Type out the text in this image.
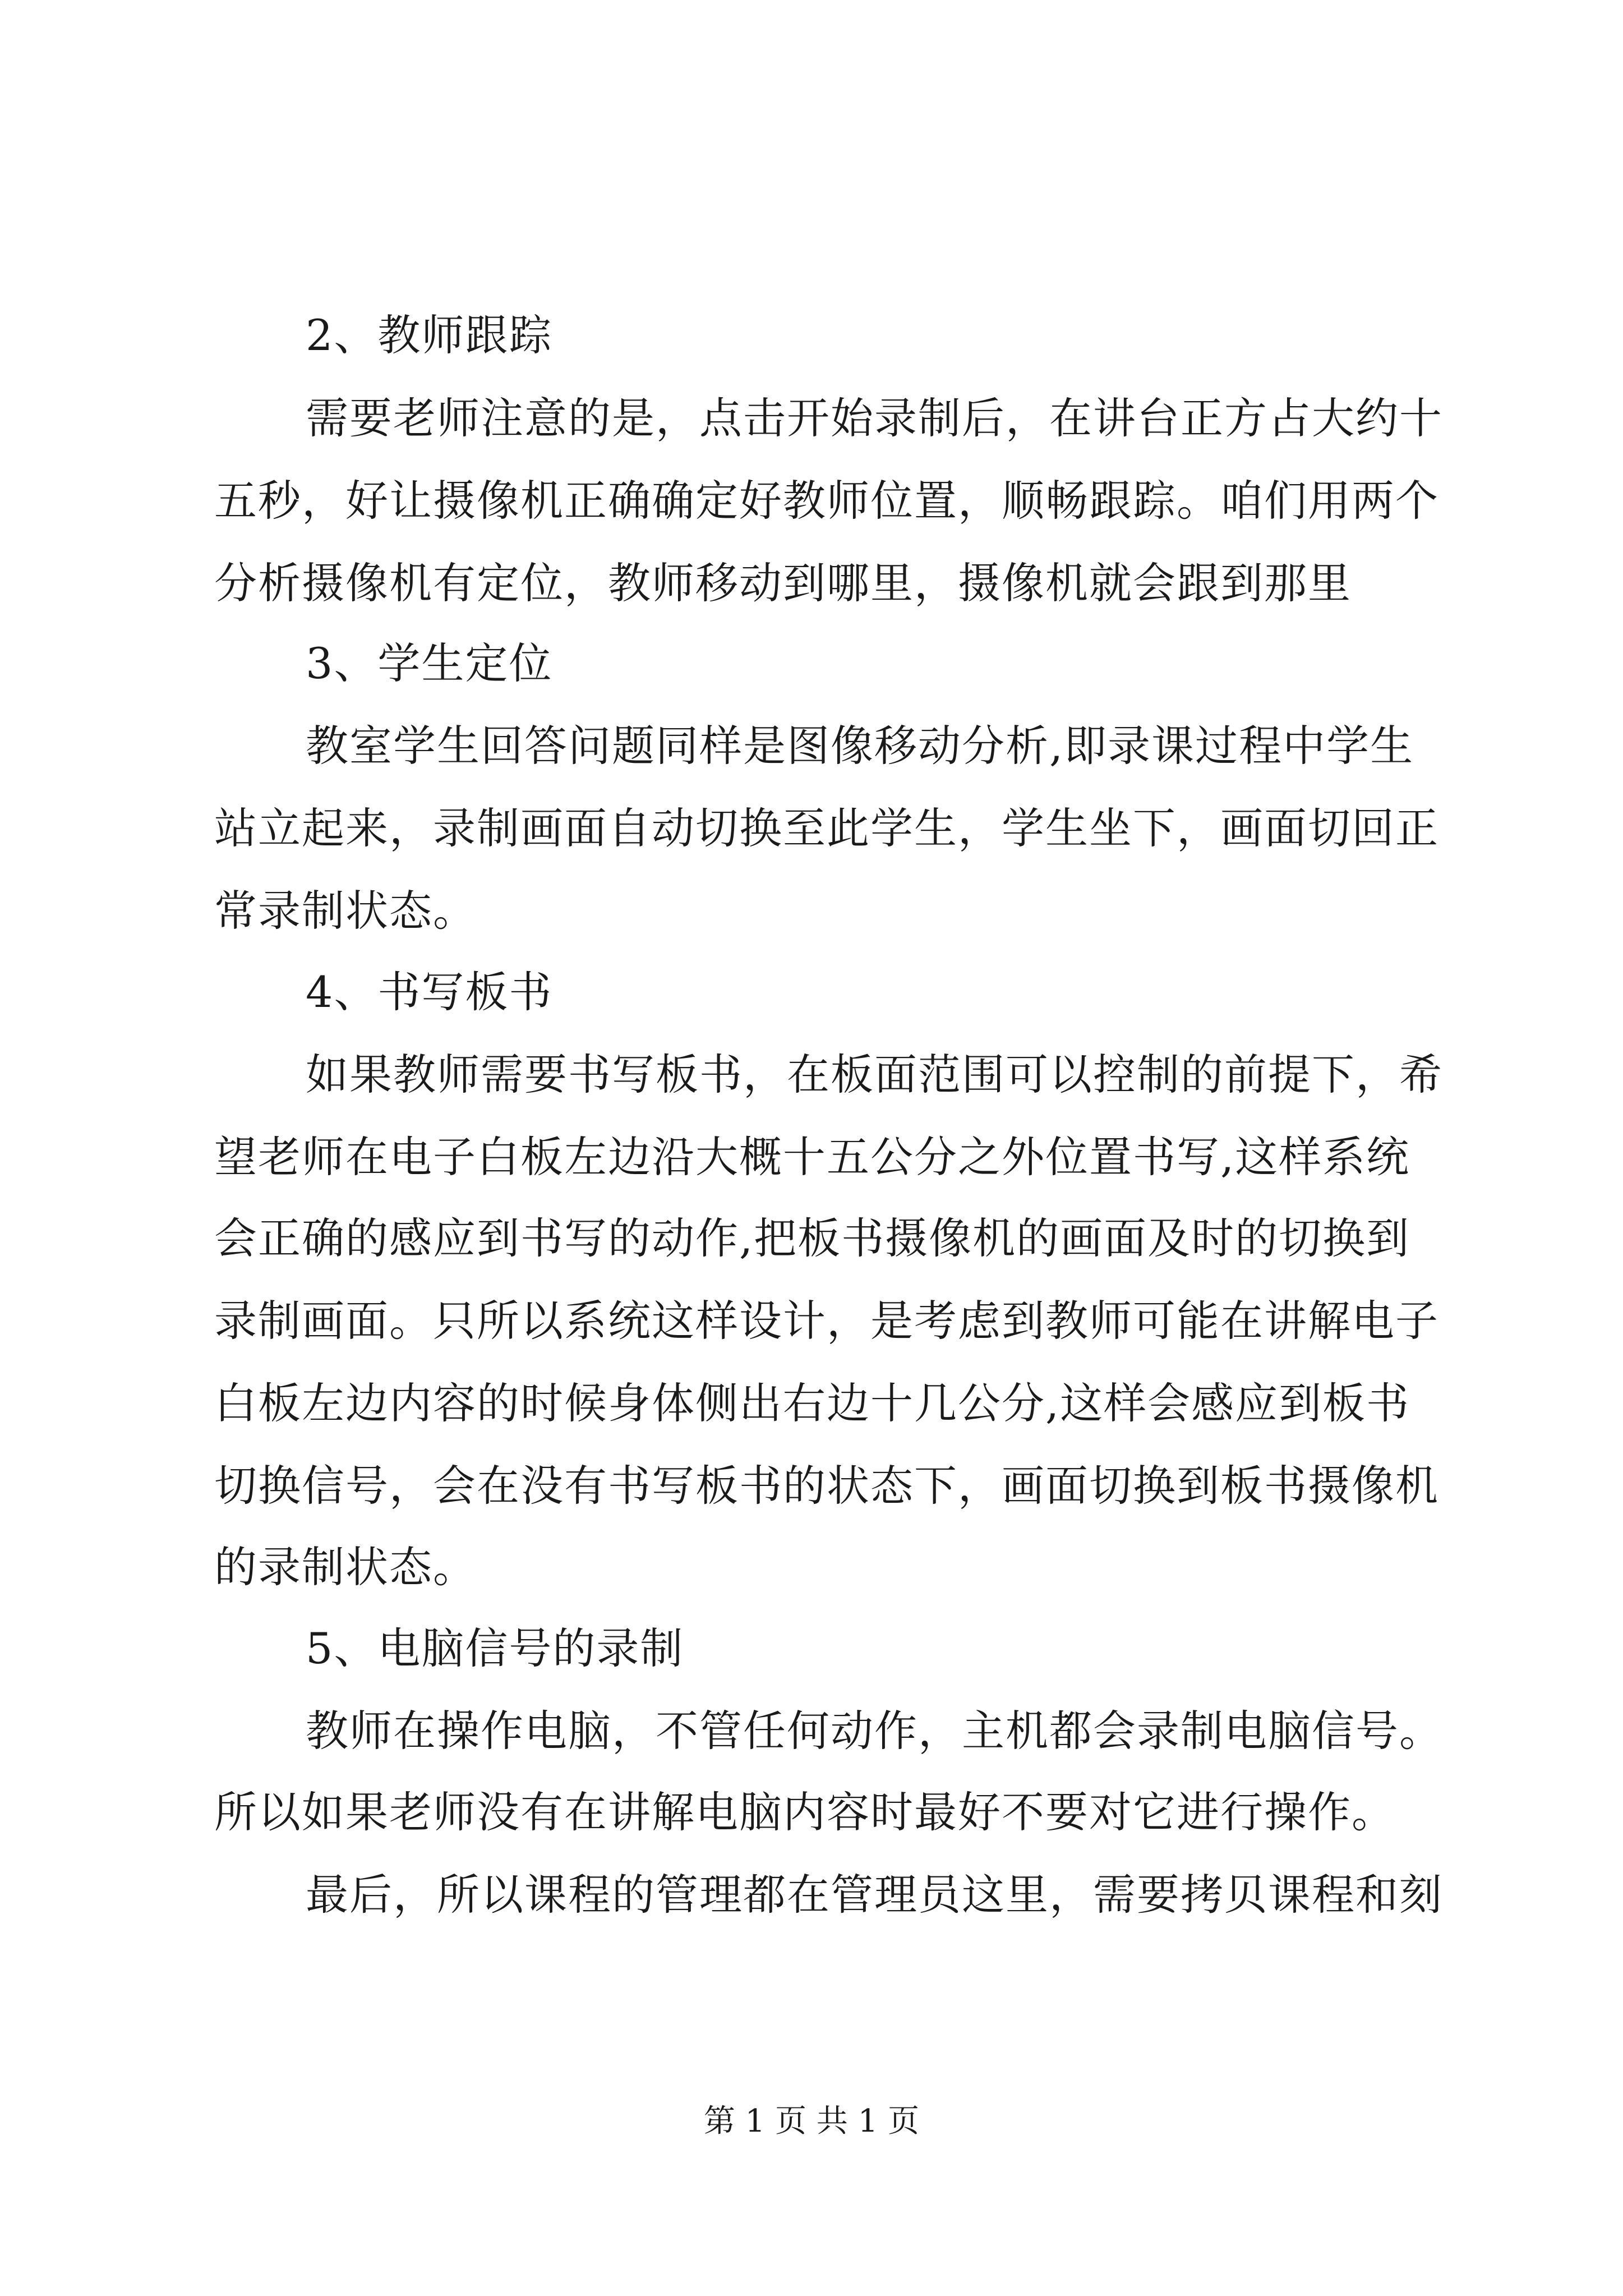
2、教师跟踪
需要老师注意的是，点击开始录制后，在讲台正方占大约十
五秒，好让摄像机正确确定好教师位置，顺畅跟踪。咱们用两个
分析摄像机有定位，教师移动到哪里，摄像机就会跟到那里
3、学生定位
教室学生回答问题同样是图像移动分析,即录课过程中学生
站立起来，录制画面自动切换至此学生，学生坐下，画面切回正
常录制状态。
4、书写板书
如果教师需要书写板书，在板面范围可以控制的前提下，希
望老师在电子白板左边沿大概十五公分之外位置书写,这样系统
会正确的感应到书写的动作,把板书摄像机的画面及时的切换到
录制画面。只所以系统这样设计，是考虑到教师可能在讲解电子
白板左边内容的时候身体侧出右边十几公分,这样会感应到板书
切换信号，会在没有书写板书的状态下，画面切换到板书摄像机
的录制状态。
5、电脑信号的录制
教师在操作电脑，不管任何动作，主机都会录制电脑信号。
所以如果老师没有在讲解电脑内容时最好不要对它进行操作。
最后，所以课程的管理都在管理员这里，需要拷贝课程和刻
第 1 页 共 1 页
